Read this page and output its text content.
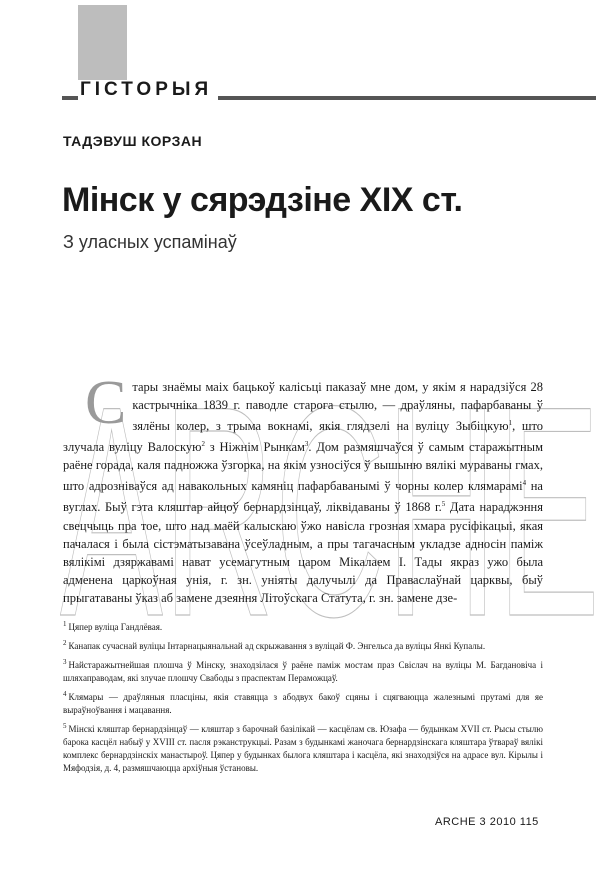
ГІСТОРЫЯ
ТАДЭВУШ КОРЗАН
Мінск у сярэдзіне XIX ст.
З уласных успамінаў
ARCHE
С тары знаёмы маіх бацькоў калісьці паказаў мне дом, у якім я нарадзіўся 28 кастрычніка 1839 г. паводле старога стылю, — драўляны, пафарбаваны ў зялёны колер, з трыма вокнамі, якія глядзелі на вуліцу Зыбіцкую$^1$, што злучала вуліцу Валоскую$^2$ з Ніжнім Рынкам$^3$. Дом размяшчаўся ў самым старажытным раёне горада, каля падножжа ўзгорка, на якім узносіўся ў вышыню вялікі мураваны гмах, што адрозніваўся ад навакольных камяніц пафарбаванымі ў чорны колер клямарамі$^4$ на вуглах. Быў гэта кляштар айцоў бернардзінцаў, ліквідаваны ў 1868 г.$^5$ Дата нараджэння свецчыць пра тое, што над маёй калыскаю ўжо навісла грозная хмара русіфікацыі, якая пачалася і была сістэматызавана ўсеўладным, а пры тагачасным укладзе адносін паміж вялікімі дзяржавамі нават усемагутным царом Мікалаем I. Тады якраз ужо была адменена царкоўная унія, г. зн. уніяты далучылі да Праваслаўнай царквы, быў прыгатаваны ўказ аб замене дзеяння Літоўскага Статута, г. зн. замене дзе-

$^1$ Цяпер вуліца Гандлёвая.
$^2$ Канапак сучаснай вуліцы Інтарнацыянальнай ад скрыжавання з вуліцай Ф. Энгельса да вуліцы Янкі Купалы.
$^3$ Найстаражытнейшая плошча ў Мінску, знаходзілася ў раёне паміж мостам праз Свіслач на вуліцы М. Багдановіча і шляхаправодам, які злучае плошчу Свабоды з праспектам Пераможцаў.
$^4$ Клямары — драўляныя пласціны, якія ставяцца з абодвух бакоў сцяны і сцягваюцца жалезнымі прутамі для яе выраўноўвання і мацавання.
$^5$ Мінскі кляштар бернардзінцаў — кляштар з барочнай базілікай — касцёлам св. Юзафа — будынкам XVII ст. Рысы стылю барока касцёл набыў у XVIII ст. пасля рэканструкцыі. Разам з будынкамі жаночага бернардзінскага кляштара ўтвараў вялікі комплекс бернардзінскіх манастыроў. Цяпер у будынках былога кляштара і касцёла, які знаходзіўся на адрасе вул. Кірылы і Мяфодзія, д. 4, размяшчаюцца архіўныя ўстановы.
ARCHE 3 2010 115
